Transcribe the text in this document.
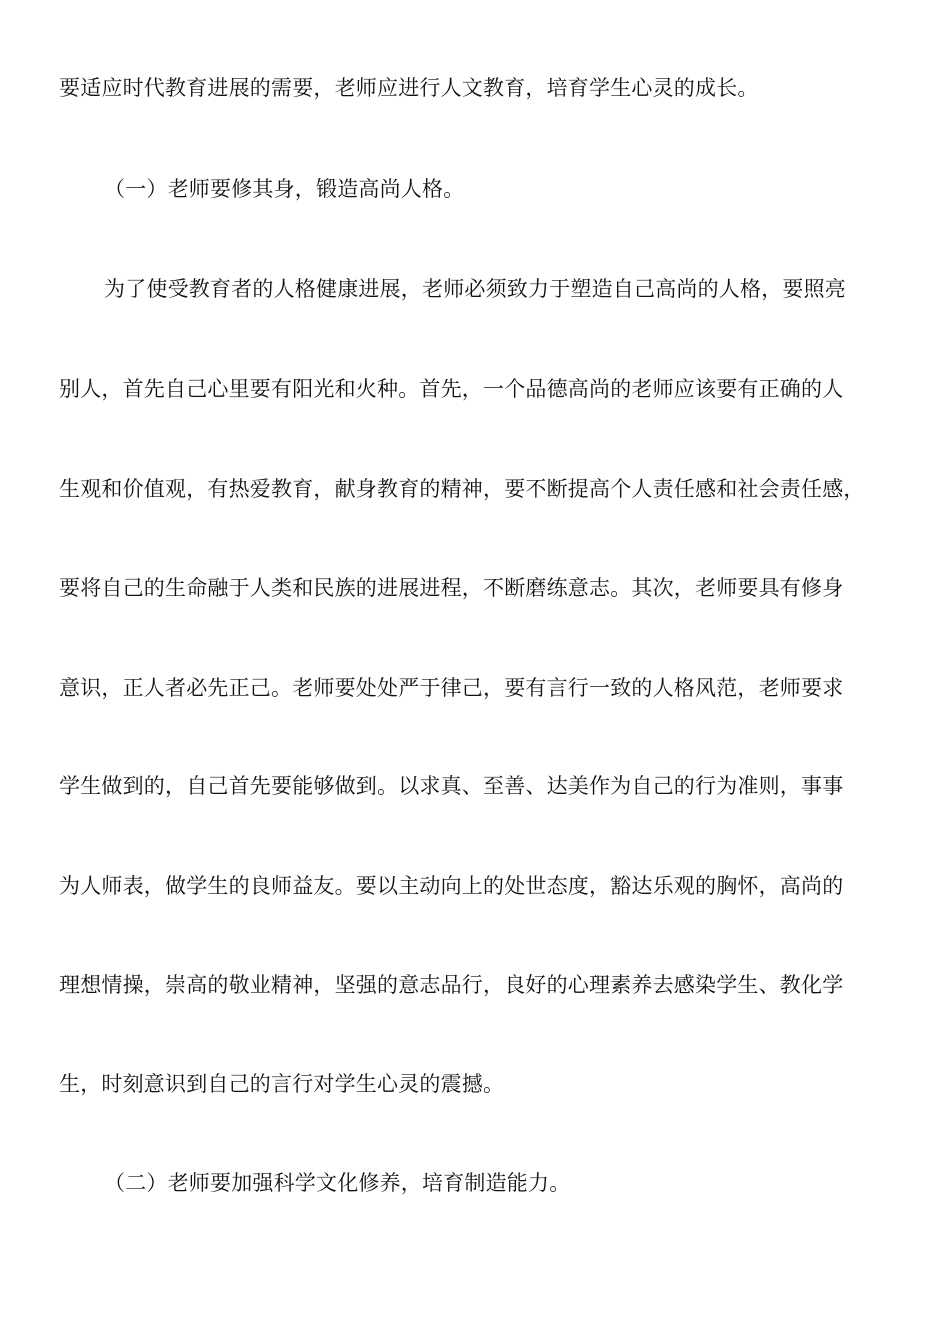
要适应时代教育进展的需要，老师应进行人文教育，培育学生心灵的成长。
（一）老师要修其身，锻造高尚人格。
为了使受教育者的人格健康进展，老师必须致力于塑造自己高尚的人格，要照亮
别人，首先自己心里要有阳光和火种。首先，一个品德高尚的老师应该要有正确的人
生观和价值观，有热爱教育，献身教育的精神，要不断提高个人责任感和社会责任感，
要将自己的生命融于人类和民族的进展进程，不断磨练意志。其次，老师要具有修身
意识，正人者必先正己。老师要处处严于律己，要有言行一致的人格风范，老师要求
学生做到的，自己首先要能够做到。以求真、至善、达美作为自己的行为准则，事事
为人师表，做学生的良师益友。要以主动向上的处世态度，豁达乐观的胸怀，高尚的
理想情操，崇高的敬业精神，坚强的意志品行，良好的心理素养去感染学生、教化学
生，时刻意识到自己的言行对学生心灵的震撼。
（二）老师要加强科学文化修养，培育制造能力。
